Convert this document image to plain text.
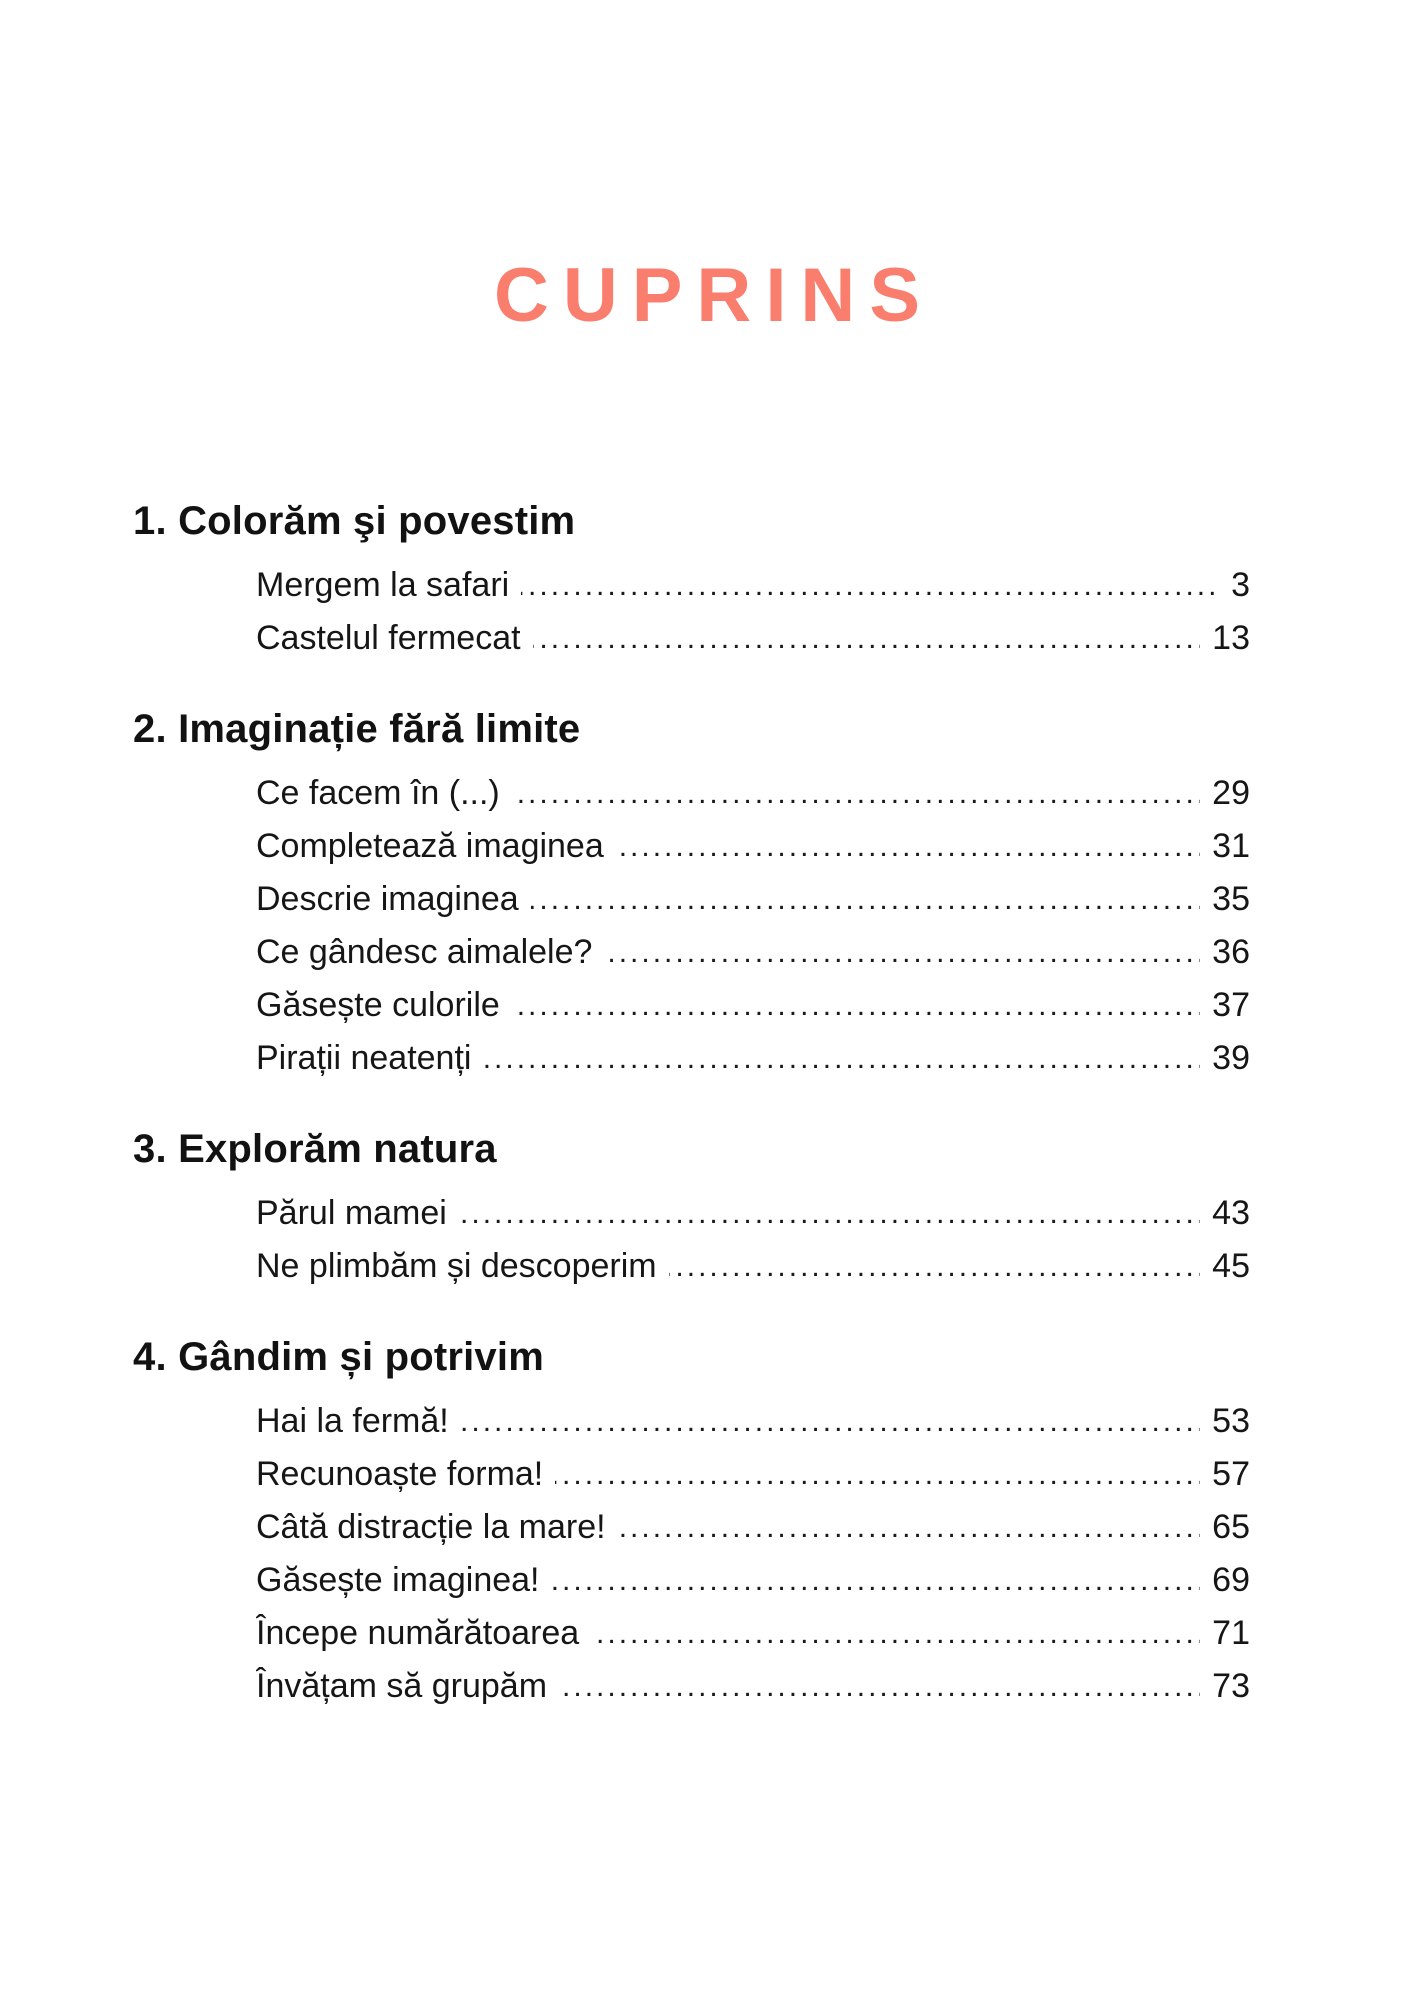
CUPRINS
1. Colorăm şi povestim
.....
Mergem la safari	3
.....
Castelul fermecat	13
2. Imaginație fără limite
.....
Ce facem în (...)	29
.....
Completează imaginea	31
.....
Descrie imaginea	35
.....
Ce gândesc aimalele?	36
.....
Găsește culorile	37
.....
Pirații neatenți	39
3. Explorăm natura
.....
Părul mamei	43
.....
Ne plimbăm și descoperim	45
4. Gândim și potrivim
.....
Hai la fermă!	53
.....
Recunoaște forma!	57
.....
Câtă distracție la mare!	65
.....
Găsește imaginea!	69
.....
Începe numărătoarea	71
.....
Învățam să grupăm	73
